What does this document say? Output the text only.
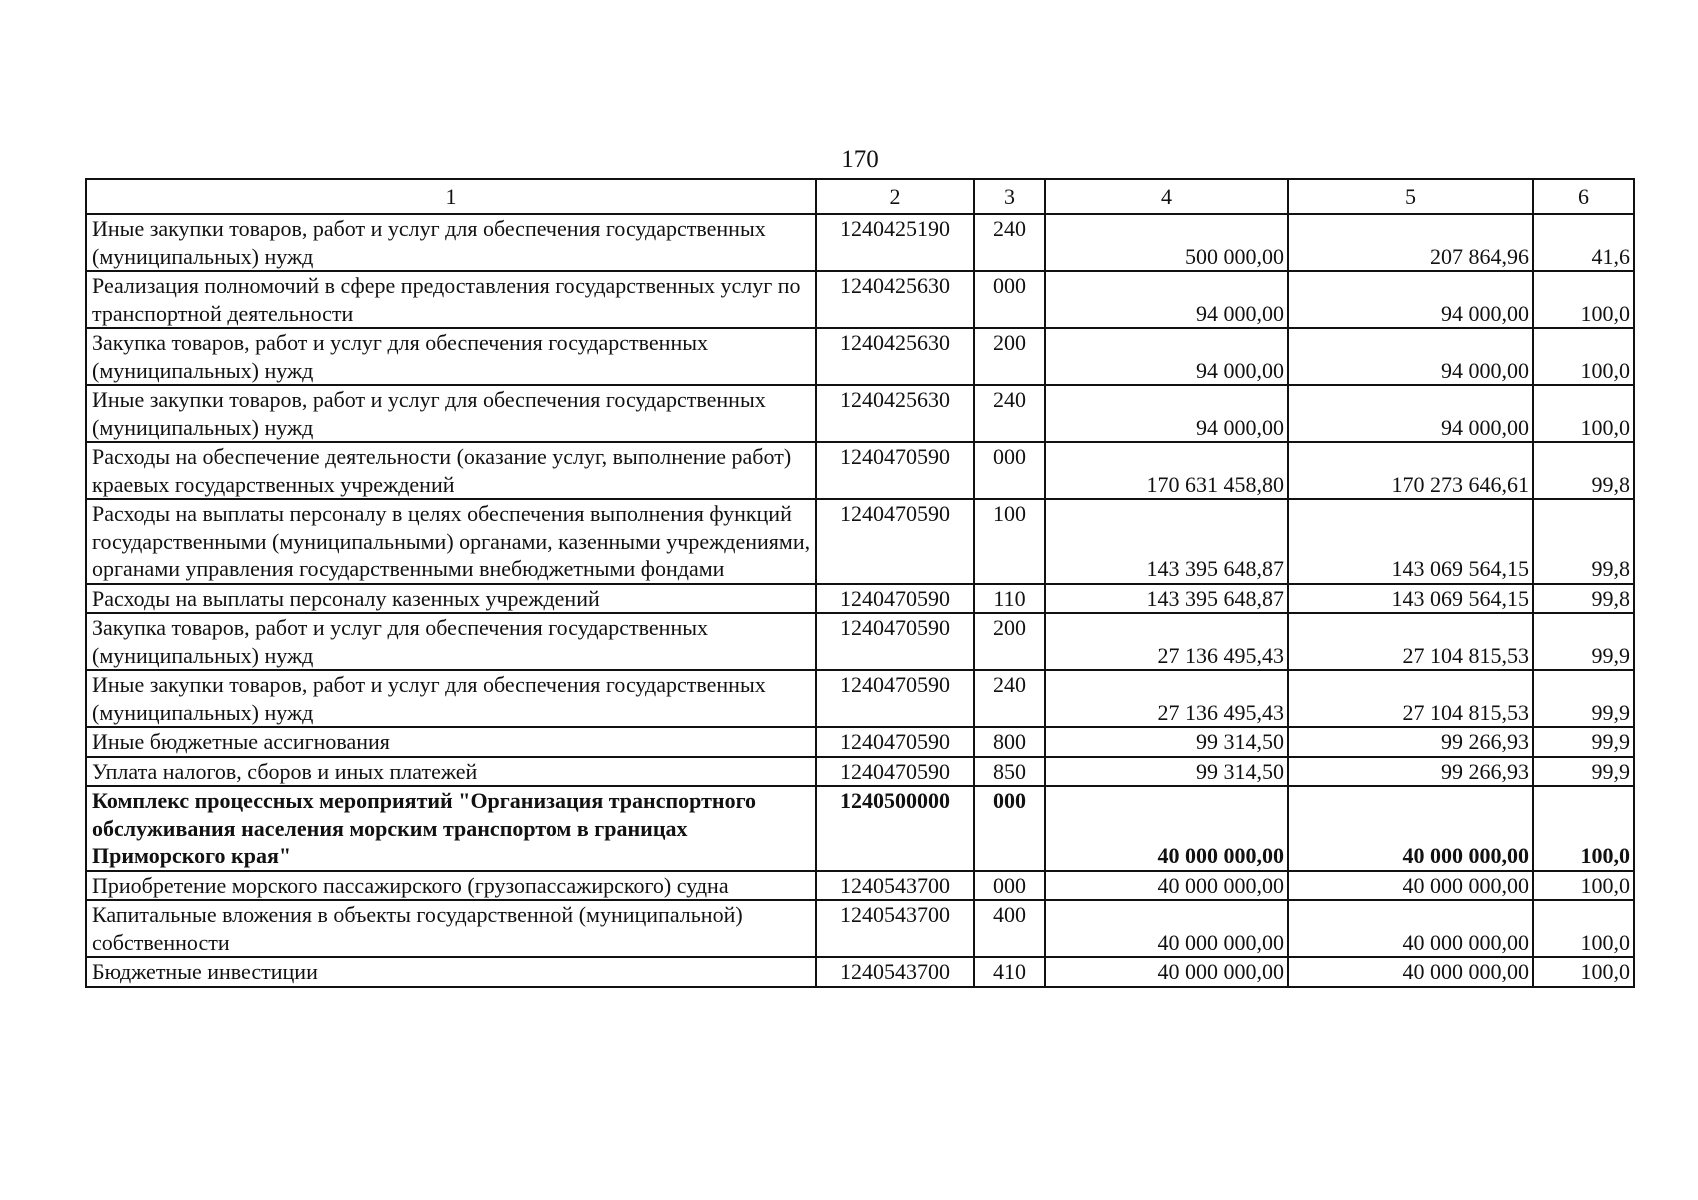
170
1	2	3	4	5	6
Иные закупки товаров, работ и услуг для обеспечения государственных (муниципальных) нужд	1240425190	240	500 000,00	207 864,96	41,6
Реализация полномочий в сфере предоставления государственных услуг по транспортной деятельности	1240425630	000	94 000,00	94 000,00	100,0
Закупка товаров, работ и услуг для обеспечения государственных (муниципальных) нужд	1240425630	200	94 000,00	94 000,00	100,0
Иные закупки товаров, работ и услуг для обеспечения государственных (муниципальных) нужд	1240425630	240	94 000,00	94 000,00	100,0
Расходы на обеспечение деятельности (оказание услуг, выполнение работ) краевых государственных учреждений	1240470590	000	170 631 458,80	170 273 646,61	99,8
Расходы на выплаты персоналу в целях обеспечения выполнения функций государственными (муниципальными) органами, казенными учреждениями, органами управления государственными внебюджетными фондами	1240470590	100	143 395 648,87	143 069 564,15	99,8
Расходы на выплаты персоналу казенных учреждений	1240470590	110	143 395 648,87	143 069 564,15	99,8
Закупка товаров, работ и услуг для обеспечения государственных (муниципальных) нужд	1240470590	200	27 136 495,43	27 104 815,53	99,9
Иные закупки товаров, работ и услуг для обеспечения государственных (муниципальных) нужд	1240470590	240	27 136 495,43	27 104 815,53	99,9
Иные бюджетные ассигнования	1240470590	800	99 314,50	99 266,93	99,9
Уплата налогов, сборов и иных платежей	1240470590	850	99 314,50	99 266,93	99,9
Комплекс процессных мероприятий "Организация транспортного обслуживания населения морским транспортом в границах Приморского края"	1240500000	000	40 000 000,00	40 000 000,00	100,0
Приобретение морского пассажирского (грузопассажирского) судна	1240543700	000	40 000 000,00	40 000 000,00	100,0
Капитальные вложения в объекты государственной (муниципальной) собственности	1240543700	400	40 000 000,00	40 000 000,00	100,0
Бюджетные инвестиции	1240543700	410	40 000 000,00	40 000 000,00	100,0
